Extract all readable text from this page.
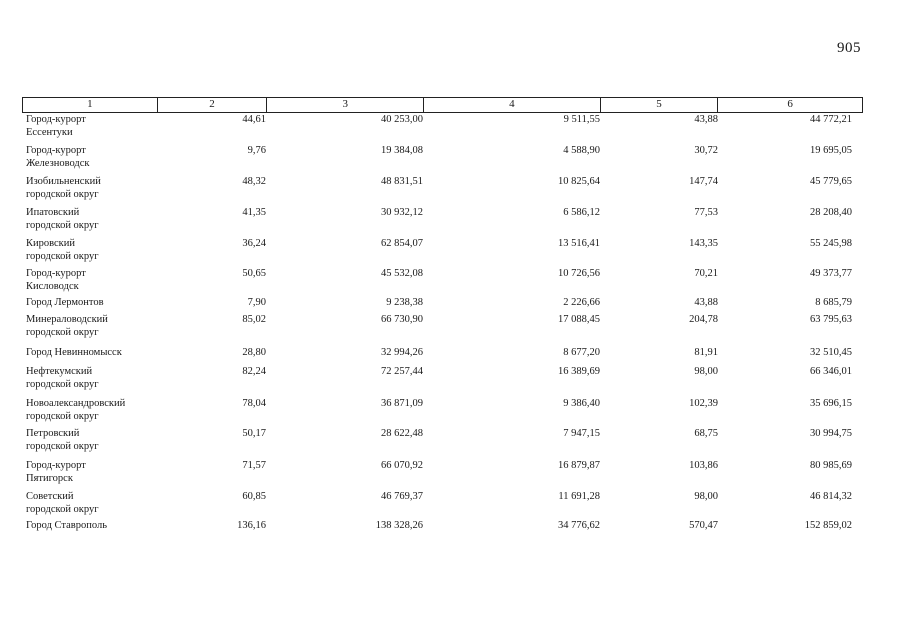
905
1	2	3	4	5	6
Город-курорт
Ессентуки
44,61	40 253,00	9 511,55	43,88	44 772,21
Город-курорт
Железноводск
9,76	19 384,08	4 588,90	30,72	19 695,05
Изобильненский
городской округ
48,32	48 831,51	10 825,64	147,74	45 779,65
Ипатовский
городской округ
41,35	30 932,12	6 586,12	77,53	28 208,40
Кировский
городской округ
36,24	62 854,07	13 516,41	143,35	55 245,98
Город-курорт
Кисловодск
50,65	45 532,08	10 726,56	70,21	49 373,77
Город Лермонтов	7,90	9 238,38	2 226,66	43,88	8 685,79
Минераловодский
городской округ
85,02	66 730,90	17 088,45	204,78	63 795,63
Город Невинномысск	28,80	32 994,26	8 677,20	81,91	32 510,45
Нефтекумский
городской округ
82,24	72 257,44	16 389,69	98,00	66 346,01
Новоалександровский
городской округ
78,04	36 871,09	9 386,40	102,39	35 696,15
Петровский
городской округ
50,17	28 622,48	7 947,15	68,75	30 994,75
Город-курорт
Пятигорск
71,57	66 070,92	16 879,87	103,86	80 985,69
Советский
городской округ
60,85	46 769,37	11 691,28	98,00	46 814,32
Город Ставрополь	136,16	138 328,26	34 776,62	570,47	152 859,02
